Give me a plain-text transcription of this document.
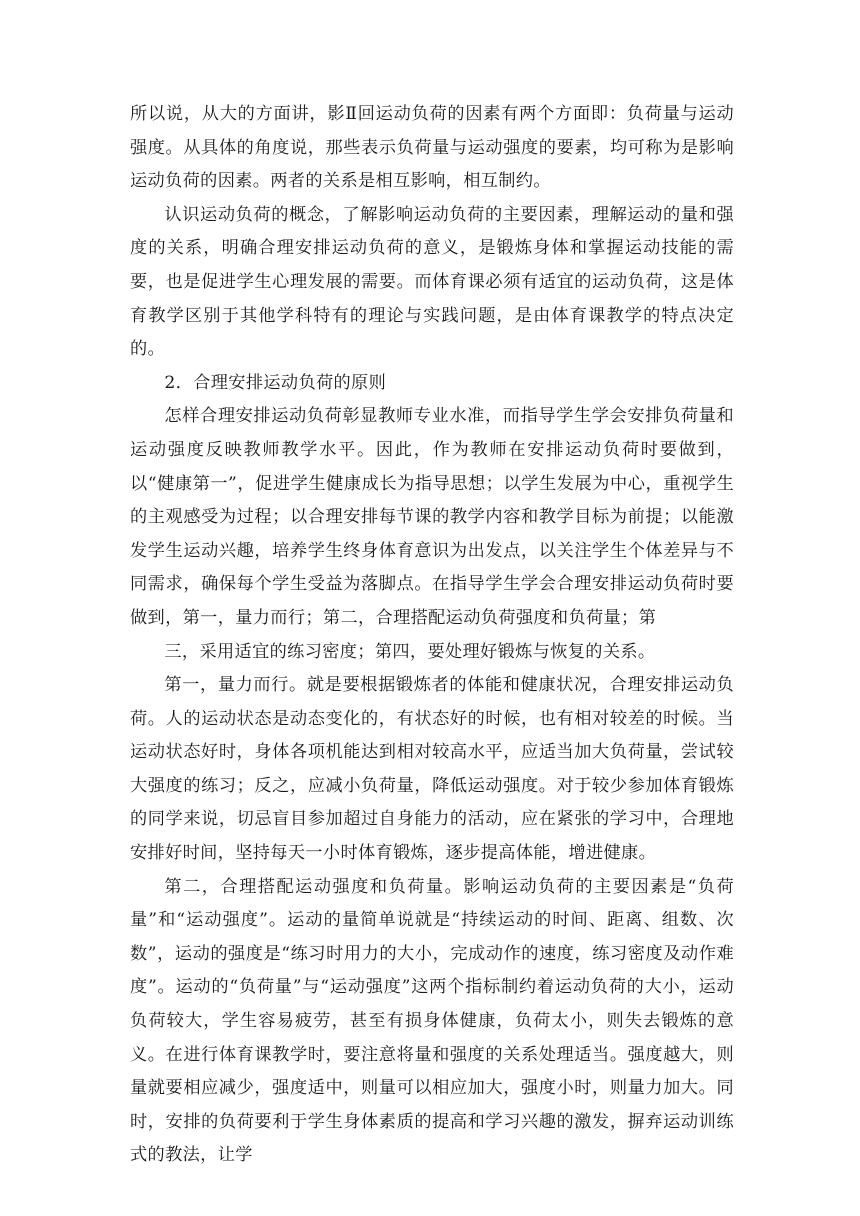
所以说，从大的方面讲，影Ⅱ回运动负荷的因素有两个方面即：负荷量与运动强度。从具体的角度说，那些表示负荷量与运动强度的要素，均可称为是影响运动负荷的因素。两者的关系是相互影响，相互制约。

认识运动负荷的概念，了解影响运动负荷的主要因素，理解运动的量和强度的关系，明确合理安排运动负荷的意义，是锻炼身体和掌握运动技能的需要，也是促进学生心理发展的需要。而体育课必须有适宜的运动负荷，这是体育教学区别于其他学科特有的理论与实践问题，是由体育课教学的特点决定的。

2．合理安排运动负荷的原则

怎样合理安排运动负荷彰显教师专业水准，而指导学生学会安排负荷量和运动强度反映教师教学水平。因此，作为教师在安排运动负荷时要做到，以“健康第一”，促进学生健康成长为指导思想；以学生发展为中心，重视学生的主观感受为过程；以合理安排每节课的教学内容和教学目标为前提；以能激发学生运动兴趣，培养学生终身体育意识为出发点，以关注学生个体差异与不同需求，确保每个学生受益为落脚点。在指导学生学会合理安排运动负荷时要做到，第一，量力而行；第二，合理搭配运动负荷强度和负荷量；第

三，采用适宜的练习密度；第四，要处理好锻炼与恢复的关系。

第一，量力而行。就是要根据锻炼者的体能和健康状况，合理安排运动负荷。人的运动状态是动态变化的，有状态好的时候，也有相对较差的时候。当运动状态好时，身体各项机能达到相对较高水平，应适当加大负荷量，尝试较大强度的练习；反之，应减小负荷量，降低运动强度。对于较少参加体育锻炼的同学来说，切忌盲目参加超过自身能力的活动，应在紧张的学习中，合理地安排好时间，坚持每天一小时体育锻炼，逐步提高体能，增进健康。

第二，合理搭配运动强度和负荷量。影响运动负荷的主要因素是“负荷量”和“运动强度”。运动的量简单说就是“持续运动的时间、距离、组数、次数”，运动的强度是“练习时用力的大小，完成动作的速度，练习密度及动作难度”。运动的“负荷量”与“运动强度”这两个指标制约着运动负荷的大小，运动负荷较大，学生容易疲劳，甚至有损身体健康，负荷太小，则失去锻炼的意义。在进行体育课教学时，要注意将量和强度的关系处理适当。强度越大，则量就要相应减少，强度适中，则量可以相应加大，强度小时，则量力加大。同时，安排的负荷要利于学生身体素质的提高和学习兴趣的激发，摒弃运动训练式的教法，让学
